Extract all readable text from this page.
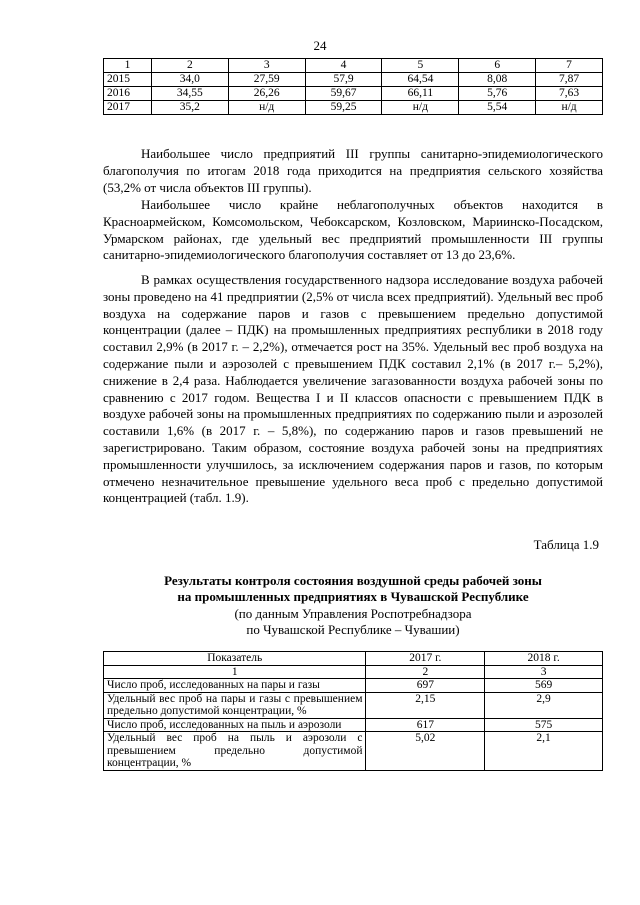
24
1	2	3	4	5	6	7
2015	34,0	27,59	57,9	64,54	8,08	7,87
2016	34,55	26,26	59,67	66,11	5,76	7,63
2017	35,2	н/д	59,25	н/д	5,54	н/д

Наибольшее число предприятий III группы санитарно-эпидемиологического благополучия по итогам 2018 года приходится на предприятия сельского хозяйства (53,2% от числа объектов III группы).

Наибольшее число крайне неблагополучных объектов находится в Красноармейском, Комсомольском, Чебоксарском, Козловском, Мариинско-Посадском, Урмарском районах, где удельный вес предприятий промышленности III группы санитарно-эпидемиологического благополучия составляет от 13 до 23,6%.

В рамках осуществления государственного надзора исследование воздуха рабочей зоны проведено на 41 предприятии (2,5% от числа всех предприятий). Удельный вес проб воздуха на содержание паров и газов с превышением предельно допустимой концентрации (далее – ПДК) на промышленных предприятиях республики в 2018 году составил 2,9% (в 2017 г. – 2,2%), отмечается рост на 35%. Удельный вес проб воздуха на содержание пыли и аэрозолей с превышением ПДК составил 2,1% (в 2017 г.– 5,2%), снижение в 2,4 раза. Наблюдается увеличение загазованности воздуха рабочей зоны по сравнению с 2017 годом. Вещества I и II классов опасности с превышением ПДК в воздухе рабочей зоны на промышленных предприятиях по содержанию пыли и аэрозолей составили 1,6% (в 2017 г. – 5,8%), по содержанию паров и газов превышений не зарегистрировано. Таким образом, состояние воздуха рабочей зоны на предприятиях промышленности улучшилось, за исключением содержания паров и газов, по которым отмечено незначительное превышение удельного веса проб с предельно допустимой концентрацией (табл. 1.9).

Таблица 1.9
Результаты контроля состояния воздушной среды рабочей зоны
на промышленных предприятиях в Чувашской Республике
(по данным Управления Роспотребнадзора
по Чувашской Республике – Чувашии)
Показатель	2017 г.	2018 г.
1	2	3
Число проб, исследованных на пары и газы	697	569
Удельный вес проб на пары и газы с превышением предельно допустимой концентрации, %	2,15	2,9
Число проб, исследованных на пыль и аэрозоли	617	575
Удельный вес проб на пыль и аэрозоли с превышением предельно допустимой концентрации, %	5,02	2,1
